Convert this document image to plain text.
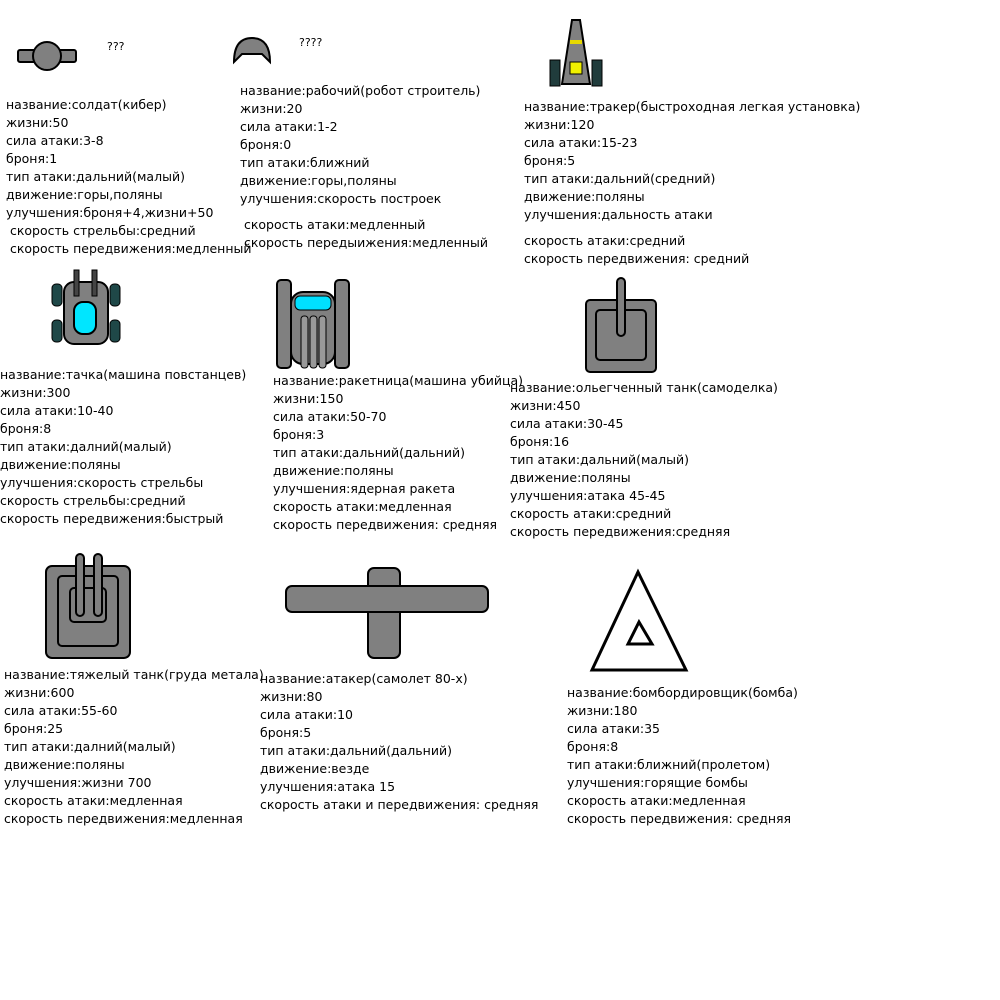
???	????
название:солдат(кибер)
жизни:50
сила атаки:3-8
броня:1
тип атаки:дальний(малый)
движение:горы,поляны
улучшения:броня+4,жизни+50
скорость стрельбы:средний
скорость передвижения:медленный
название:рабочий(робот строитель)
жизни:20
сила атаки:1-2
броня:0
тип атаки:ближний
движение:горы,поляны
улучшения:скорость построек
скорость атаки:медленный
скорость передыижения:медленный
название:тракер(быстроходная легкая установка)
жизни:120
сила атаки:15-23
броня:5
тип атаки:дальний(средний)
движение:поляны
улучшения:дальность атаки
скорость атаки:средний
скорость передвижения: средний
название:тачка(машина повстанцев)
жизни:300
сила атаки:10-40
броня:8
тип атаки:далний(малый)
движение:поляны
улучшения:скорость стрельбы
скорость стрельбы:средний
скорость передвижения:быстрый
название:ракетница(машина убийца)
жизни:150
сила атаки:50-70
броня:3
тип атаки:дальний(дальний)
движение:поляны
улучшения:ядерная ракета
скорость атаки:медленная
скорость передвижения: средняя
название:ольегченный танк(самоделка)
жизни:450
сила атаки:30-45
броня:16
тип атаки:дальний(малый)
движение:поляны
улучшения:атака 45-45
скорость атаки:средний
скорость передвижения:средняя
название:тяжелый танк(груда метала)
жизни:600
сила атаки:55-60
броня:25
тип атаки:далний(малый)
движение:поляны
улучшения:жизни 700
скорость атаки:медленная
скорость передвижения:медленная
название:атакер(самолет 80-х)
жизни:80
сила атаки:10
броня:5
тип атаки:дальний(дальний)
движение:везде
улучшения:атака 15
скорость атаки и передвижения: средняя
название:бомбордировщик(бомба)
жизни:180
сила атаки:35
броня:8
тип атаки:ближний(пролетом)
улучшения:горящие бомбы
скорость атаки:медленная
скорость передвижения: средняя
